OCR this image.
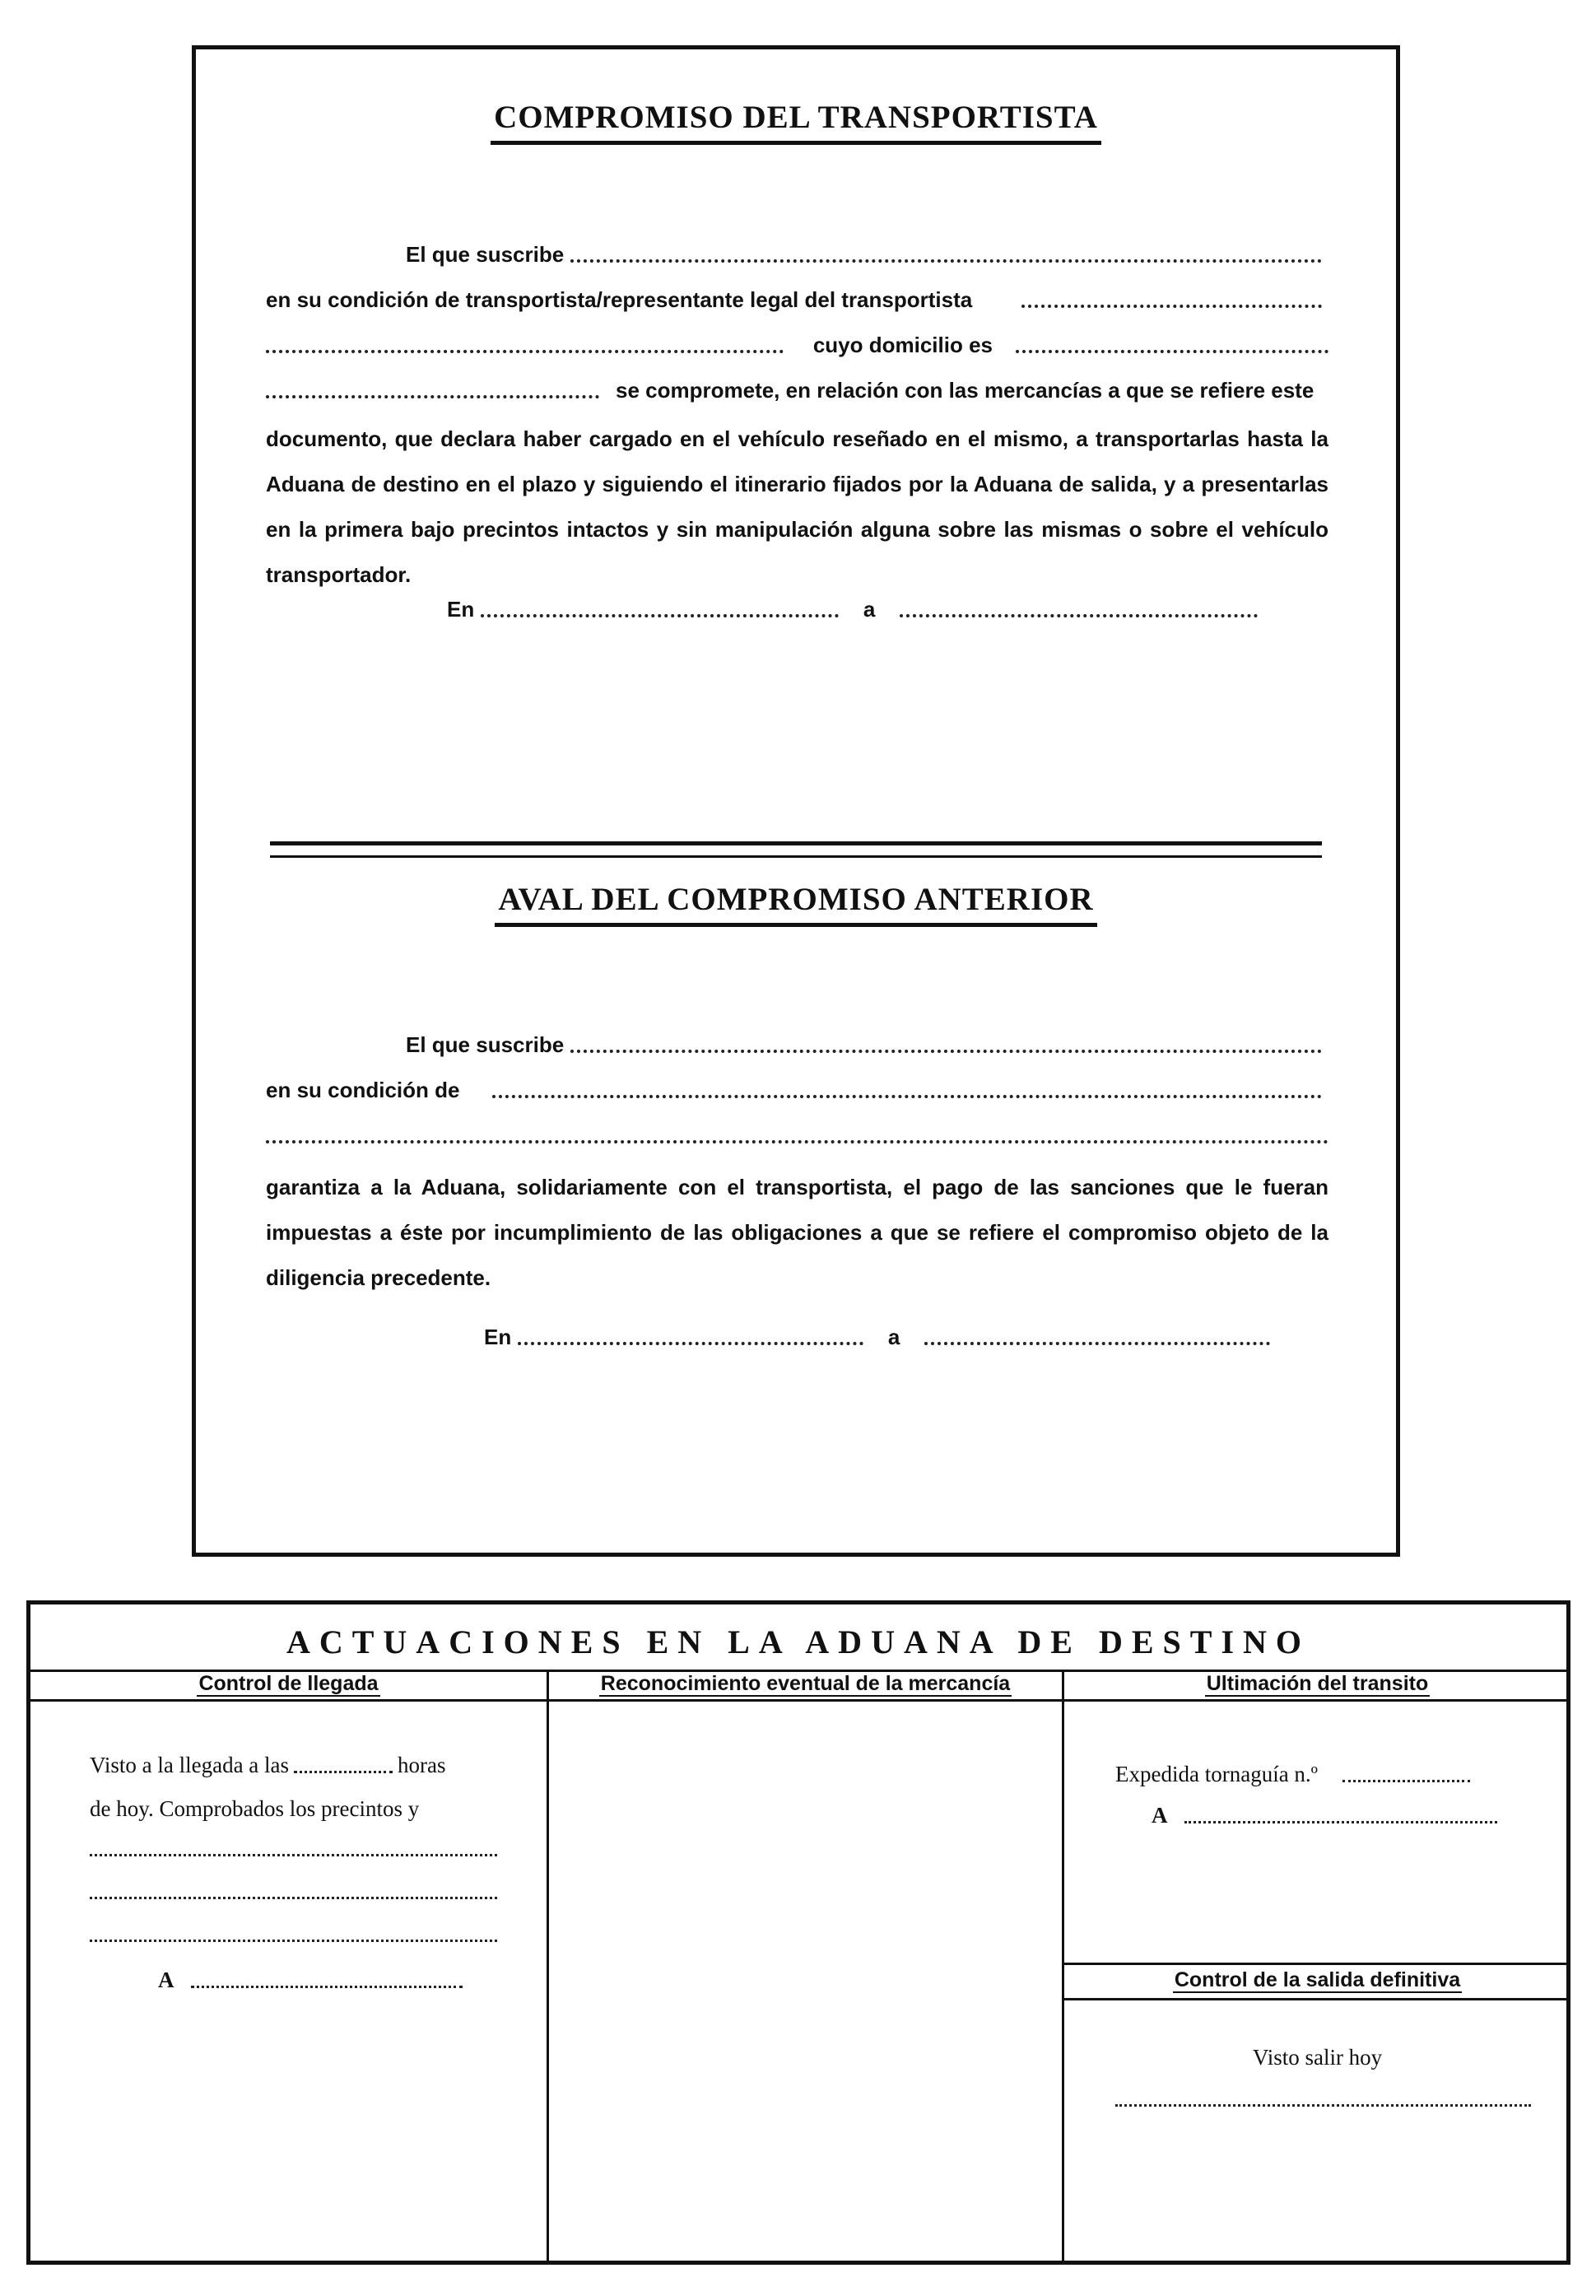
COMPROMISO DEL TRANSPORTISTA
El que suscribe
en su condición de transportista/representante legal del transportista
cuyo domicilio es
se compromete, en relación con las mercancías a que se refiere este
documento, que declara haber cargado en el vehículo reseñado en el mismo, a transportarlas hasta la Aduana de destino en el plazo y siguiendo el itinerario fijados por la Aduana de salida, y a presentarlas en la primera bajo precintos intactos y sin manipulación alguna sobre las mismas o sobre el vehículo transportador.
En	a
AVAL DEL COMPROMISO ANTERIOR
El que suscribe
en su condición de
garantiza a la Aduana, solidariamente con el transportista, el pago de las sanciones que le fueran impuestas a éste por incumplimiento de las obligaciones a que se refiere el compromiso objeto de la diligencia precedente.
En	a
ACTUACIONES EN LA ADUANA DE DESTINO
Control de llegada	Reconocimiento eventual de la mercancía	Ultimación del transito
Visto a la llegada a las	horas
de hoy. Comprobados los precintos y
A
Expedida tornaguía n.º
A
Control de la salida definitiva
Visto salir hoy
